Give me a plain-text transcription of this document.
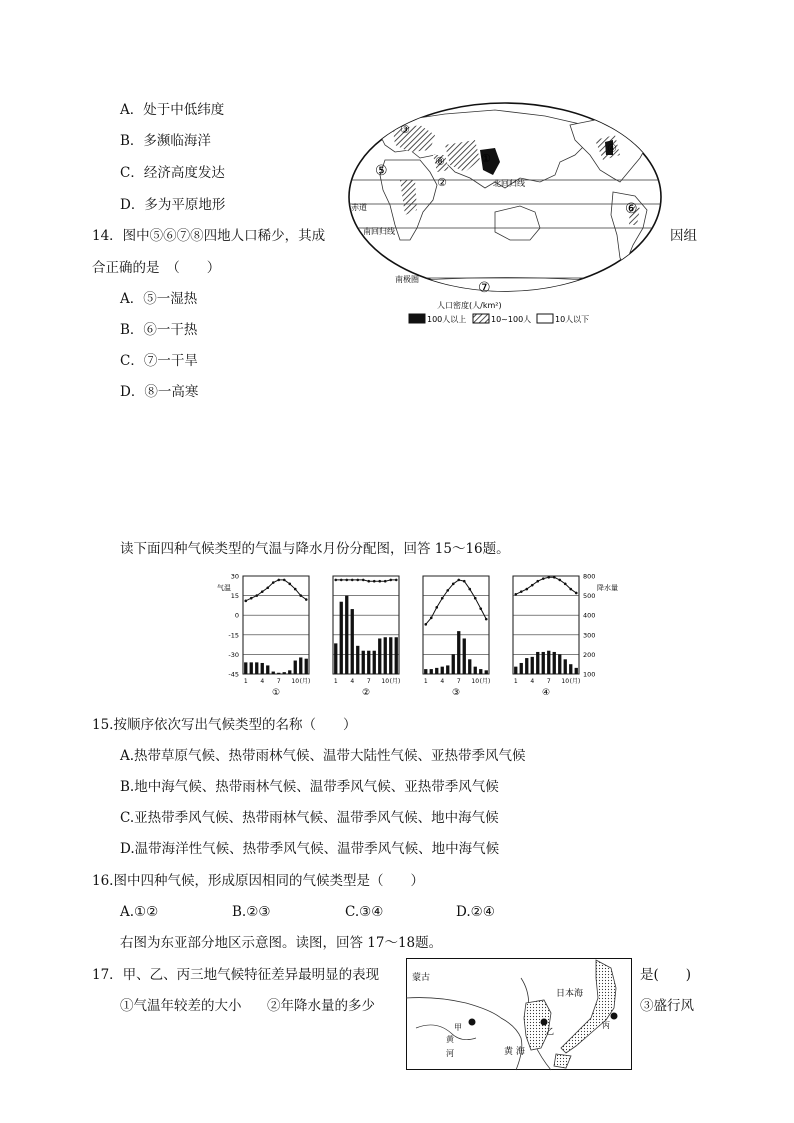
A．处于中低纬度
B．多濒临海洋
C．经济高度发达
D．多为平原地形
14．图中⑤⑥⑦⑧四地人口稀少，其成	因组
合正确的是　（　　）
A．⑤一湿热
B．⑥一干热
C．⑦一干旱
D．⑧一高寒
北回归线
赤道
南回归线
南极圈
①
②
③
④
⑤
⑥
⑦
⑧
人口密度(人/km²)
100人以上	10~100人	10人以下
读下面四种气候类型的气温与降水月份分配图，回答 15～16题。
气温	降水量
30
15
0
-15
-30
-45
800
500
400
300
200
100
1 4 7 10 (月)
①
1 4 7 10 (月)
②
1 4 7 10 (月)
③
1 4 7 10 (月)
④
15.按顺序依次写出气候类型的名称（　　）
A.热带草原气候、热带雨林气候、温带大陆性气候、亚热带季风气候
B.地中海气候、热带雨林气候、温带季风气候、亚热带季风气候
C.亚热带季风气候、热带雨林气候、温带季风气候、地中海气候
D.温带海洋性气候、热带季风气候、温带季风气候、地中海气候
16.图中四种气候，形成原因相同的气候类型是（　　）
A.①②	B.②③	C.③④	D.②④
右图为东亚部分地区示意图。读图，回答 17～18题。
17．甲、乙、丙三地气候特征差异最明显的表现	是(　　)
①气温年较差的大小 ②年降水量的多少	③盛行风
蒙古
日本海
黄 海
黄
河
甲	乙
丙
